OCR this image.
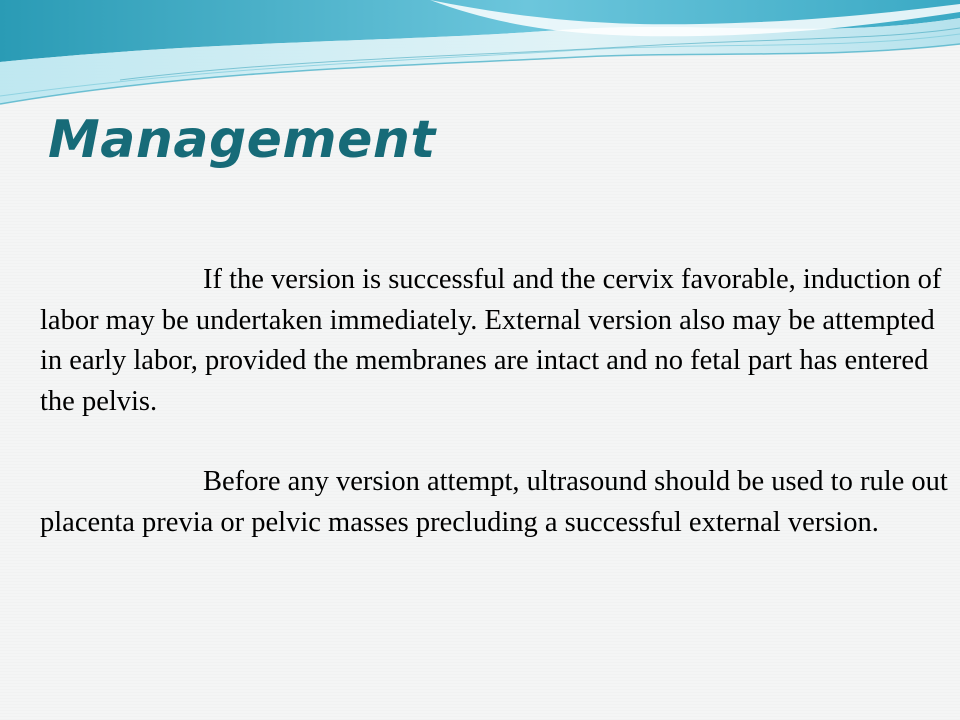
Management

If the version is successful and the cervix favorable, induction of labor may be undertaken immediately. External version also may be attempted in early labor, provided the membranes are intact and no fetal part has entered the pelvis.

Before any version attempt, ultrasound should be used to rule out placenta previa or pelvic masses precluding a successful external version.
